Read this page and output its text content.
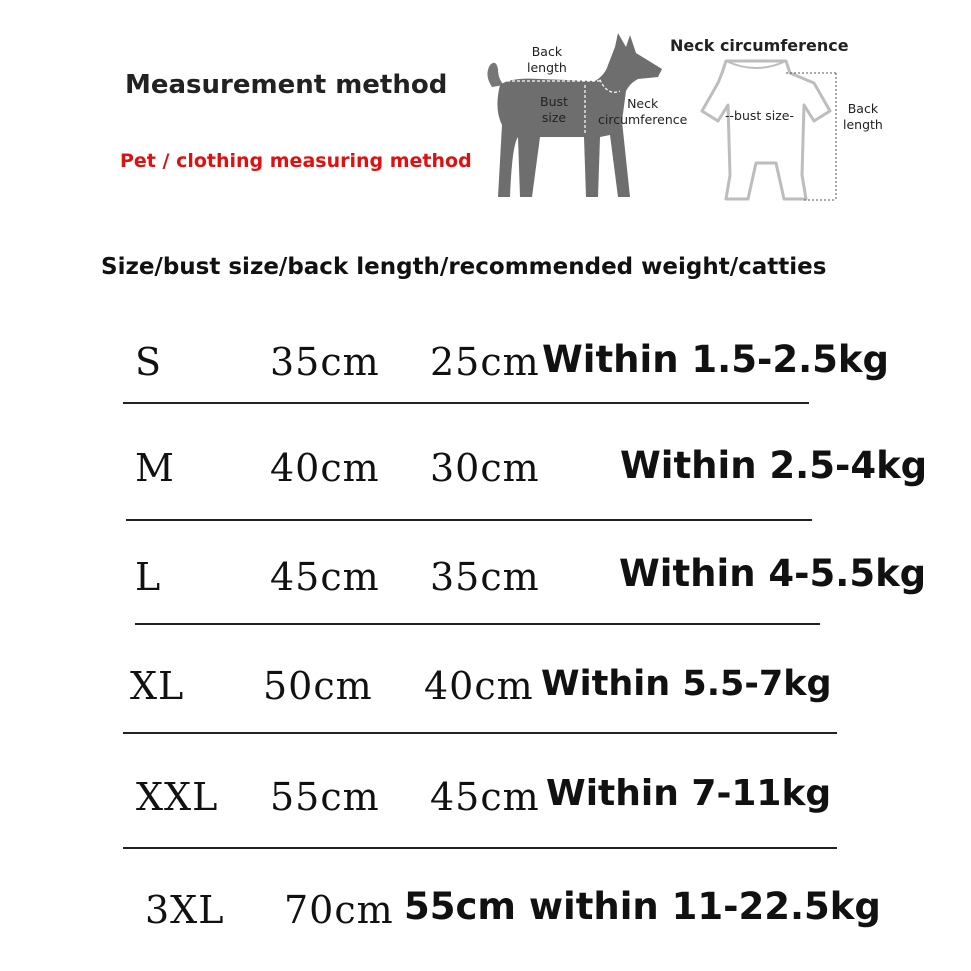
Measurement method
Pet / clothing measuring method
Back
length
Bust
size
Neck
circumference
Neck circumference
--bust size-	Back
length
Size/bust size/back length/recommended weight/catties
S	35cm 25cm Within 1.5-2.5kg
M	40cm 30cm Within 2.5-4kg
L	45cm 35cm Within 4-5.5kg
XL 50cm 40cm Within 5.5-7kg
XXL 55cm 45cm Within 7-11kg
3XL 70cm 55cm within 11-22.5kg
